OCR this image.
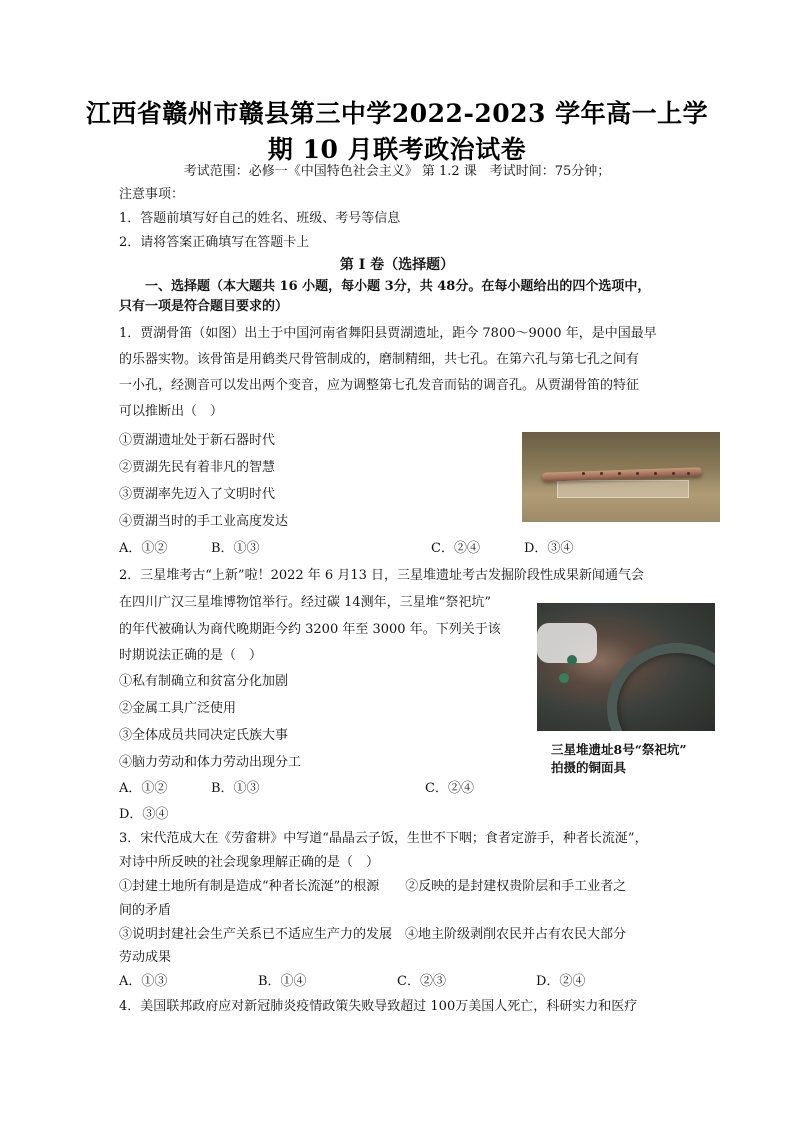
江西省赣州市赣县第三中学2022-2023 学年高一上学
期 10 月联考政治试卷
考试范围：必修一《中国特色社会主义》 第 1.2 课　考试时间：75分钟；
注意事项：
1．答题前填写好自己的姓名、班级、考号等信息
2．请将答案正确填写在答题卡上
第 I 卷（选择题）
一、选择题（本大题共 16 小题，每小题 3分，共 48分。在每小题给出的四个选项中，
只有一项是符合题目要求的）
1．贾湖骨笛（如图）出土于中国河南省舞阳县贾湖遗址，距今 7800～9000 年，是中国最早
的乐器实物。该骨笛是用鹤类尺骨管制成的，磨制精细，共七孔。在第六孔与第七孔之间有
一小孔，经测音可以发出两个变音，应为调整第七孔发音而钻的调音孔。从贾湖骨笛的特征
可以推断出（　）
①贾湖遗址处于新石器时代
②贾湖先民有着非凡的智慧
③贾湖率先迈入了文明时代
④贾湖当时的手工业高度发达
A．①②	B．①③	C．②④	D．③④
2．三星堆考古“上新”啦！2022 年 6 月13 日，三星堆遗址考古发掘阶段性成果新闻通气会
在四川广汉三星堆博物馆举行。经过碳 14测年，三星堆“祭祀坑”
的年代被确认为商代晚期距今约 3200 年至 3000 年。下列关于该
时期说法正确的是（　）
①私有制确立和贫富分化加剧
②金属工具广泛使用
③全体成员共同决定氏族大事
④脑力劳动和体力劳动出现分工
三星堆遗址8号“祭祀坑”
拍摄的铜面具
A．①②	B．①③	C．②④
D．③④
3．宋代范成大在《劳畲耕》中写道“晶晶云子饭，生世不下咽；食者定游手，种者长流涎”，
对诗中所反映的社会现象理解正确的是（　）
①封建土地所有制是造成“种者长流涎”的根源　　②反映的是封建权贵阶层和手工业者之
间的矛盾
③说明封建社会生产关系已不适应生产力的发展　④地主阶级剥削农民并占有农民大部分
劳动成果
A．①③	B．①④	C．②③	D．②④
4．美国联邦政府应对新冠肺炎疫情政策失败导致超过 100万美国人死亡，科研实力和医疗
